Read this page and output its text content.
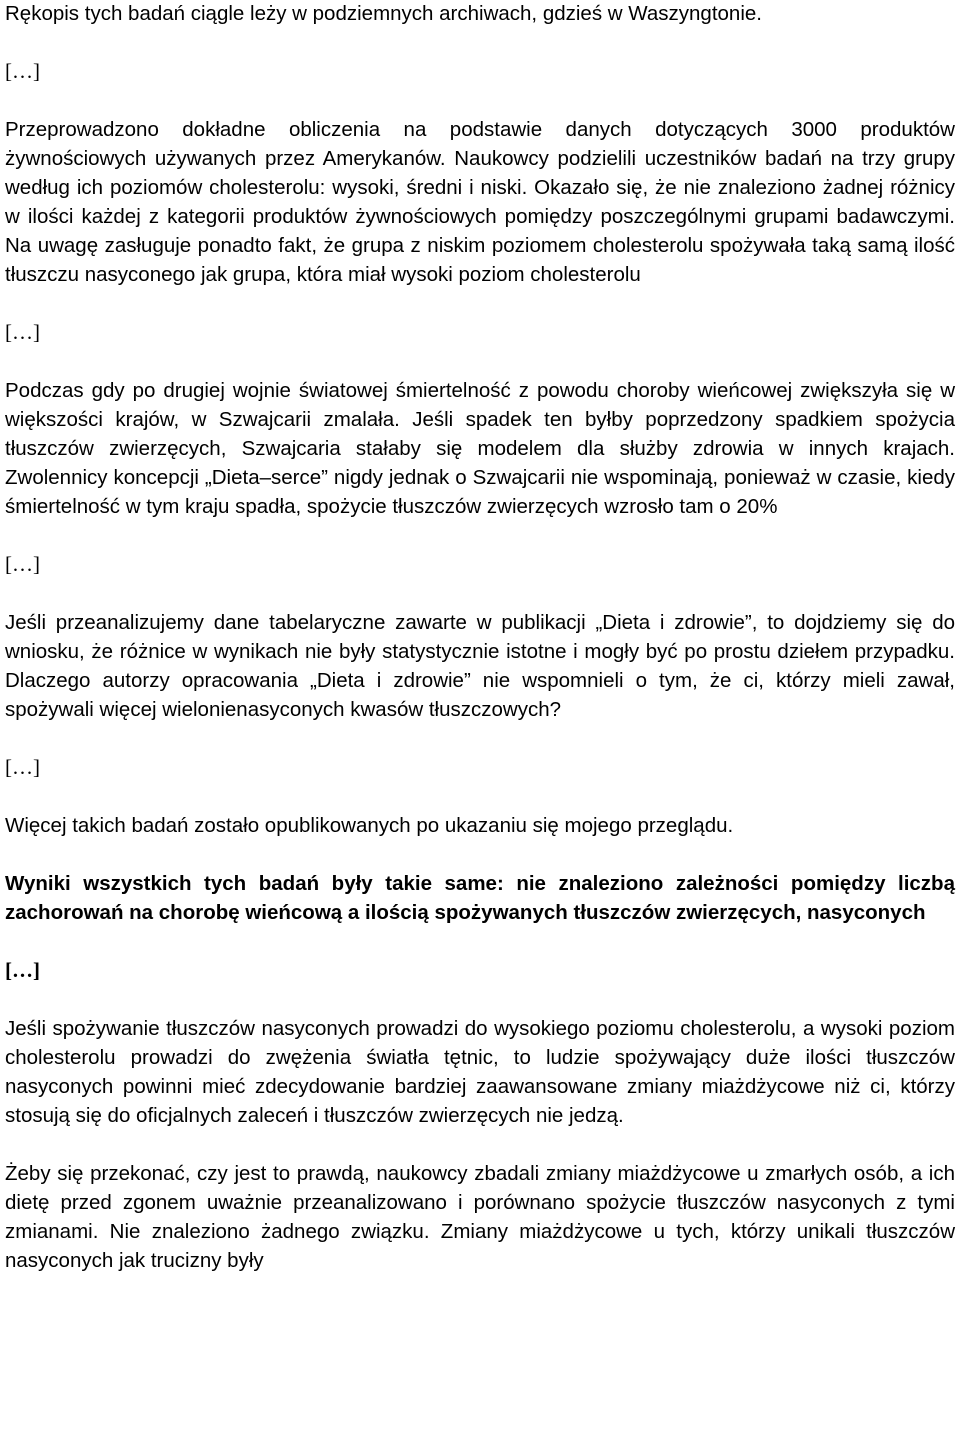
Rękopis tych badań ciągle leży w podziemnych archiwach, gdzieś w Waszyngtonie.

[…]

Przeprowadzono dokładne obliczenia na podstawie danych dotyczących 3000 produktów żywnościowych używanych przez Amerykanów. Naukowcy podzielili uczestników badań na trzy grupy według ich poziomów cholesterolu: wysoki, średni i niski. Okazało się, że nie znaleziono żadnej różnicy w ilości każdej z kategorii produktów żywnościowych pomiędzy poszczególnymi grupami badawczymi. Na uwagę zasługuje ponadto fakt, że grupa z niskim poziomem cholesterolu spożywała taką samą ilość tłuszczu nasyconego jak grupa, która miał wysoki poziom cholesterolu

[…]

Podczas gdy po drugiej wojnie światowej śmiertelność z powodu choroby wieńcowej zwiększyła się w większości krajów, w Szwajcarii zmalała. Jeśli spadek ten byłby poprzedzony spadkiem spożycia tłuszczów zwierzęcych, Szwajcaria stałaby się modelem dla służby zdrowia w innych krajach. Zwolennicy koncepcji „Dieta–serce” nigdy jednak o Szwajcarii nie wspominają, ponieważ w czasie, kiedy śmiertelność w tym kraju spadła, spożycie tłuszczów zwierzęcych wzrosło tam o 20%

[…]

Jeśli przeanalizujemy dane tabelaryczne zawarte w publikacji „Dieta i zdrowie”, to dojdziemy się do wniosku, że różnice w wynikach nie były statystycznie istotne i mogły być po prostu dziełem przypadku. Dlaczego autorzy opracowania „Dieta i zdrowie” nie wspomnieli o tym, że ci, którzy mieli zawał, spożywali więcej wielonienasyconych kwasów tłuszczowych?

[…]

Więcej takich badań zostało opublikowanych po ukazaniu się mojego przeglądu.

Wyniki wszystkich tych badań były takie same: nie znaleziono zależności pomiędzy liczbą zachorowań na chorobę wieńcową a ilością spożywanych tłuszczów zwierzęcych, nasyconych

[…]

Jeśli spożywanie tłuszczów nasyconych prowadzi do wysokiego poziomu cholesterolu, a wysoki poziom cholesterolu prowadzi do zwężenia światła tętnic, to ludzie spożywający duże ilości tłuszczów nasyconych powinni mieć zdecydowanie bardziej zaawansowane zmiany miażdżycowe niż ci, którzy stosują się do oficjalnych zaleceń i tłuszczów zwierzęcych nie jedzą.

Żeby się przekonać, czy jest to prawdą, naukowcy zbadali zmiany miażdżycowe u zmarłych osób, a ich dietę przed zgonem uważnie przeanalizowano i porównano spożycie tłuszczów nasyconych z tymi zmianami. Nie znaleziono żadnego związku. Zmiany miażdżycowe u tych, którzy unikali tłuszczów nasyconych jak trucizny były
